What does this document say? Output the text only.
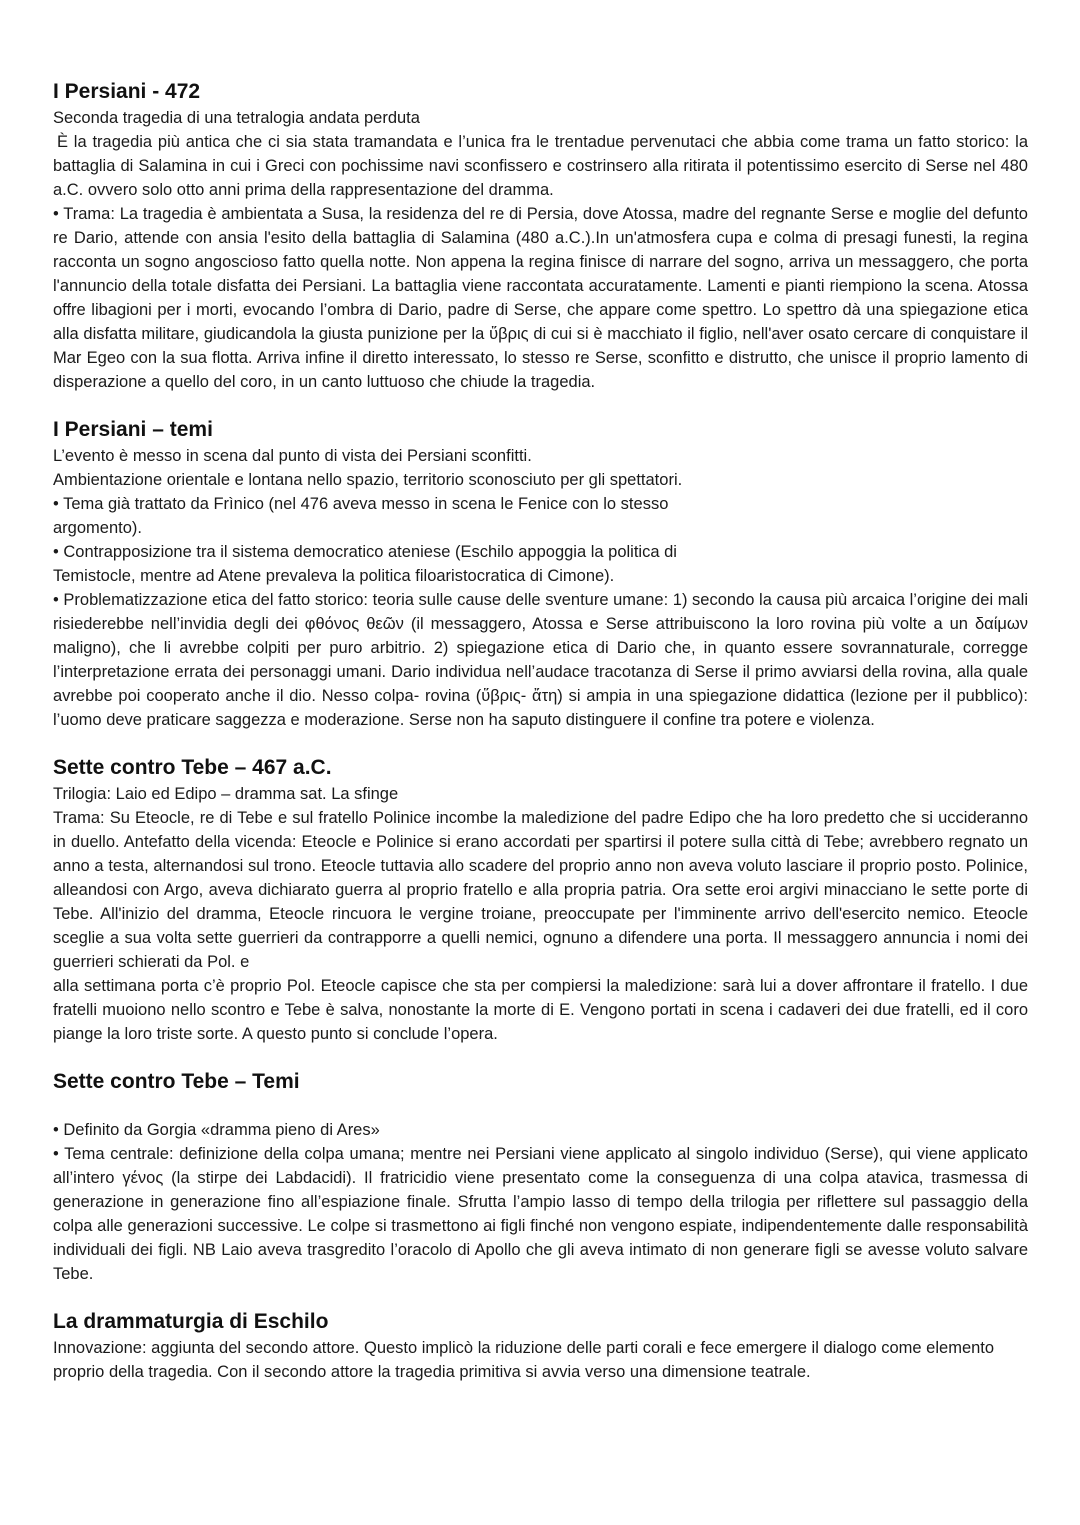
I Persiani - 472

Seconda tragedia di una tetralogia andata perduta

È la tragedia più antica che ci sia stata tramandata e l’unica fra le trentadue pervenutaci che abbia come trama un fatto storico: la battaglia di Salamina in cui i Greci con pochissime navi sconfissero e costrinsero alla ritirata il potentissimo esercito di Serse nel 480 a.C. ovvero solo otto anni prima della rappresentazione del dramma.

• Trama: La tragedia è ambientata a Susa, la residenza del re di Persia, dove Atossa, madre del regnante Serse e moglie del defunto re Dario, attende con ansia l'esito della battaglia di Salamina (480 a.C.).In un'atmosfera cupa e colma di presagi funesti, la regina racconta un sogno angoscioso fatto quella notte. Non appena la regina finisce di narrare del sogno, arriva un messaggero, che porta l'annuncio della totale disfatta dei Persiani. La battaglia viene raccontata accuratamente. Lamenti e pianti riempiono la scena. Atossa offre libagioni per i morti, evocando l’ombra di Dario, padre di Serse, che appare come spettro. Lo spettro dà una spiegazione etica alla disfatta militare, giudicandola la giusta punizione per la ὕβρις di cui si è macchiato il figlio, nell'aver osato cercare di conquistare il Mar Egeo con la sua flotta. Arriva infine il diretto interessato, lo stesso re Serse, sconfitto e distrutto, che unisce il proprio lamento di disperazione a quello del coro, in un canto luttuoso che chiude la tragedia.

I Persiani – temi

L’evento è messo in scena dal punto di vista dei Persiani sconfitti.

Ambientazione orientale e lontana nello spazio, territorio sconosciuto per gli spettatori.

• Tema già trattato da Frìnico (nel 476 aveva messo in scena le Fenice con lo stesso

argomento).

• Contrapposizione tra il sistema democratico ateniese (Eschilo appoggia la politica di

Temistocle, mentre ad Atene prevaleva la politica filoaristocratica di Cimone).

• Problematizzazione etica del fatto storico: teoria sulle cause delle sventure umane: 1) secondo la causa più arcaica l’origine dei mali risiederebbe nell’invidia degli dei φθόνος θεῶν (il messaggero, Atossa e Serse attribuiscono la loro rovina più volte a un δαίμων maligno), che li avrebbe colpiti per puro arbitrio. 2) spiegazione etica di Dario che, in quanto essere sovrannaturale, corregge l’interpretazione errata dei personaggi umani. Dario individua nell’audace tracotanza di Serse il primo avviarsi della rovina, alla quale avrebbe poi cooperato anche il dio. Nesso colpa- rovina (ὕβρις- ἄτη) si ampia in una spiegazione didattica (lezione per il pubblico): l’uomo deve praticare saggezza e moderazione. Serse non ha saputo distinguere il confine tra potere e violenza.

Sette contro Tebe – 467 a.C.

Trilogia: Laio ed Edipo – dramma sat. La sfinge

Trama: Su Eteocle, re di Tebe e sul fratello Polinice incombe la maledizione del padre Edipo che ha loro predetto che si uccideranno in duello. Antefatto della vicenda: Eteocle e Polinice si erano accordati per spartirsi il potere sulla città di Tebe; avrebbero regnato un anno a testa, alternandosi sul trono. Eteocle tuttavia allo scadere del proprio anno non aveva voluto lasciare il proprio posto. Polinice, alleandosi con Argo, aveva dichiarato guerra al proprio fratello e alla propria patria. Ora sette eroi argivi minacciano le sette porte di Tebe. All'inizio del dramma, Eteocle rincuora le vergine troiane, preoccupate per l'imminente arrivo dell'esercito nemico. Eteocle sceglie a sua volta sette guerrieri da contrapporre a quelli nemici, ognuno a difendere una porta. Il messaggero annuncia i nomi dei guerrieri schierati da Pol. e

alla settimana porta c’è proprio Pol. Eteocle capisce che sta per compiersi la maledizione: sarà lui a dover affrontare il fratello. I due fratelli muoiono nello scontro e Tebe è salva, nonostante la morte di E. Vengono portati in scena i cadaveri dei due fratelli, ed il coro piange la loro triste sorte. A questo punto si conclude l’opera.

Sette contro Tebe – Temi

• Definito da Gorgia «dramma pieno di Ares»

• Tema centrale: definizione della colpa umana; mentre nei Persiani viene applicato al singolo individuo (Serse), qui viene applicato all’intero γένος (la stirpe dei Labdacidi). Il fratricidio viene presentato come la conseguenza di una colpa atavica, trasmessa di generazione in generazione fino all’espiazione finale. Sfrutta l’ampio lasso di tempo della trilogia per riflettere sul passaggio della colpa alle generazioni successive. Le colpe si trasmettono ai figli finché non vengono espiate, indipendentemente dalle responsabilità individuali dei figli. NB Laio aveva trasgredito l’oracolo di Apollo che gli aveva intimato di non generare figli se avesse voluto salvare Tebe.

La drammaturgia di Eschilo

Innovazione: aggiunta del secondo attore. Questo implicò la riduzione delle parti corali e fece emergere il dialogo come elemento proprio della tragedia. Con il secondo attore la tragedia primitiva si avvia verso una dimensione teatrale.
